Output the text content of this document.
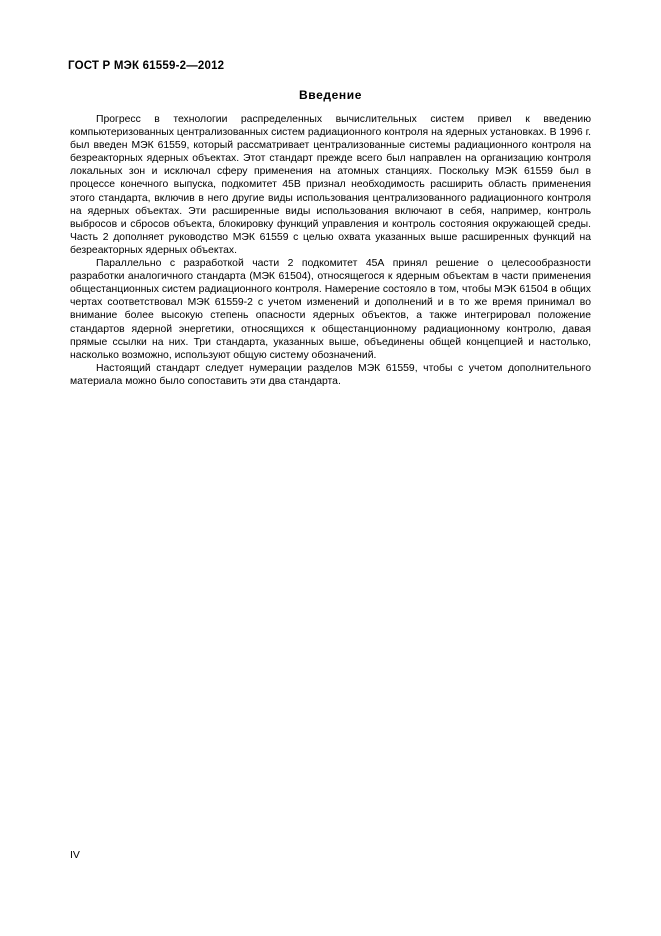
ГОСТ Р МЭК 61559-2—2012
Введение

Прогресс в технологии распределенных вычислительных систем привел к введению компьютеризованных централизованных систем радиационного контроля на ядерных установках. В 1996 г. был введен МЭК 61559, который рассматривает централизованные системы радиационного контроля на безреакторных ядерных объектах. Этот стандарт прежде всего был направлен на организацию контроля локальных зон и исключал сферу применения на атомных станциях. Поскольку МЭК 61559 был в процессе конечного выпуска, подкомитет 45В признал необходимость расширить область применения этого стандарта, включив в него другие виды использования централизованного радиационного контроля на ядерных объектах. Эти расширенные виды использования включают в себя, например, контроль выбросов и сбросов объекта, блокировку функций управления и контроль состояния окружающей среды. Часть 2 дополняет руководство МЭК 61559 с целью охвата указанных выше расширенных функций на безреакторных ядерных объектах.

Параллельно с разработкой части 2 подкомитет 45А принял решение о целесообразности разработки аналогичного стандарта (МЭК 61504), относящегося к ядерным объектам в части применения общестанционных систем радиационного контроля. Намерение состояло в том, чтобы МЭК 61504 в общих чертах соответствовал МЭК 61559-2 с учетом изменений и дополнений и в то же время принимал во внимание более высокую степень опасности ядерных объектов, а также интегрировал положение стандартов ядерной энергетики, относящихся к общестанционному радиационному контролю, давая прямые ссылки на них. Три стандарта, указанных выше, объединены общей концепцией и настолько, насколько возможно, используют общую систему обозначений.

Настоящий стандарт следует нумерации разделов МЭК 61559, чтобы с учетом дополнительного материала можно было сопоставить эти два стандарта.

IV
